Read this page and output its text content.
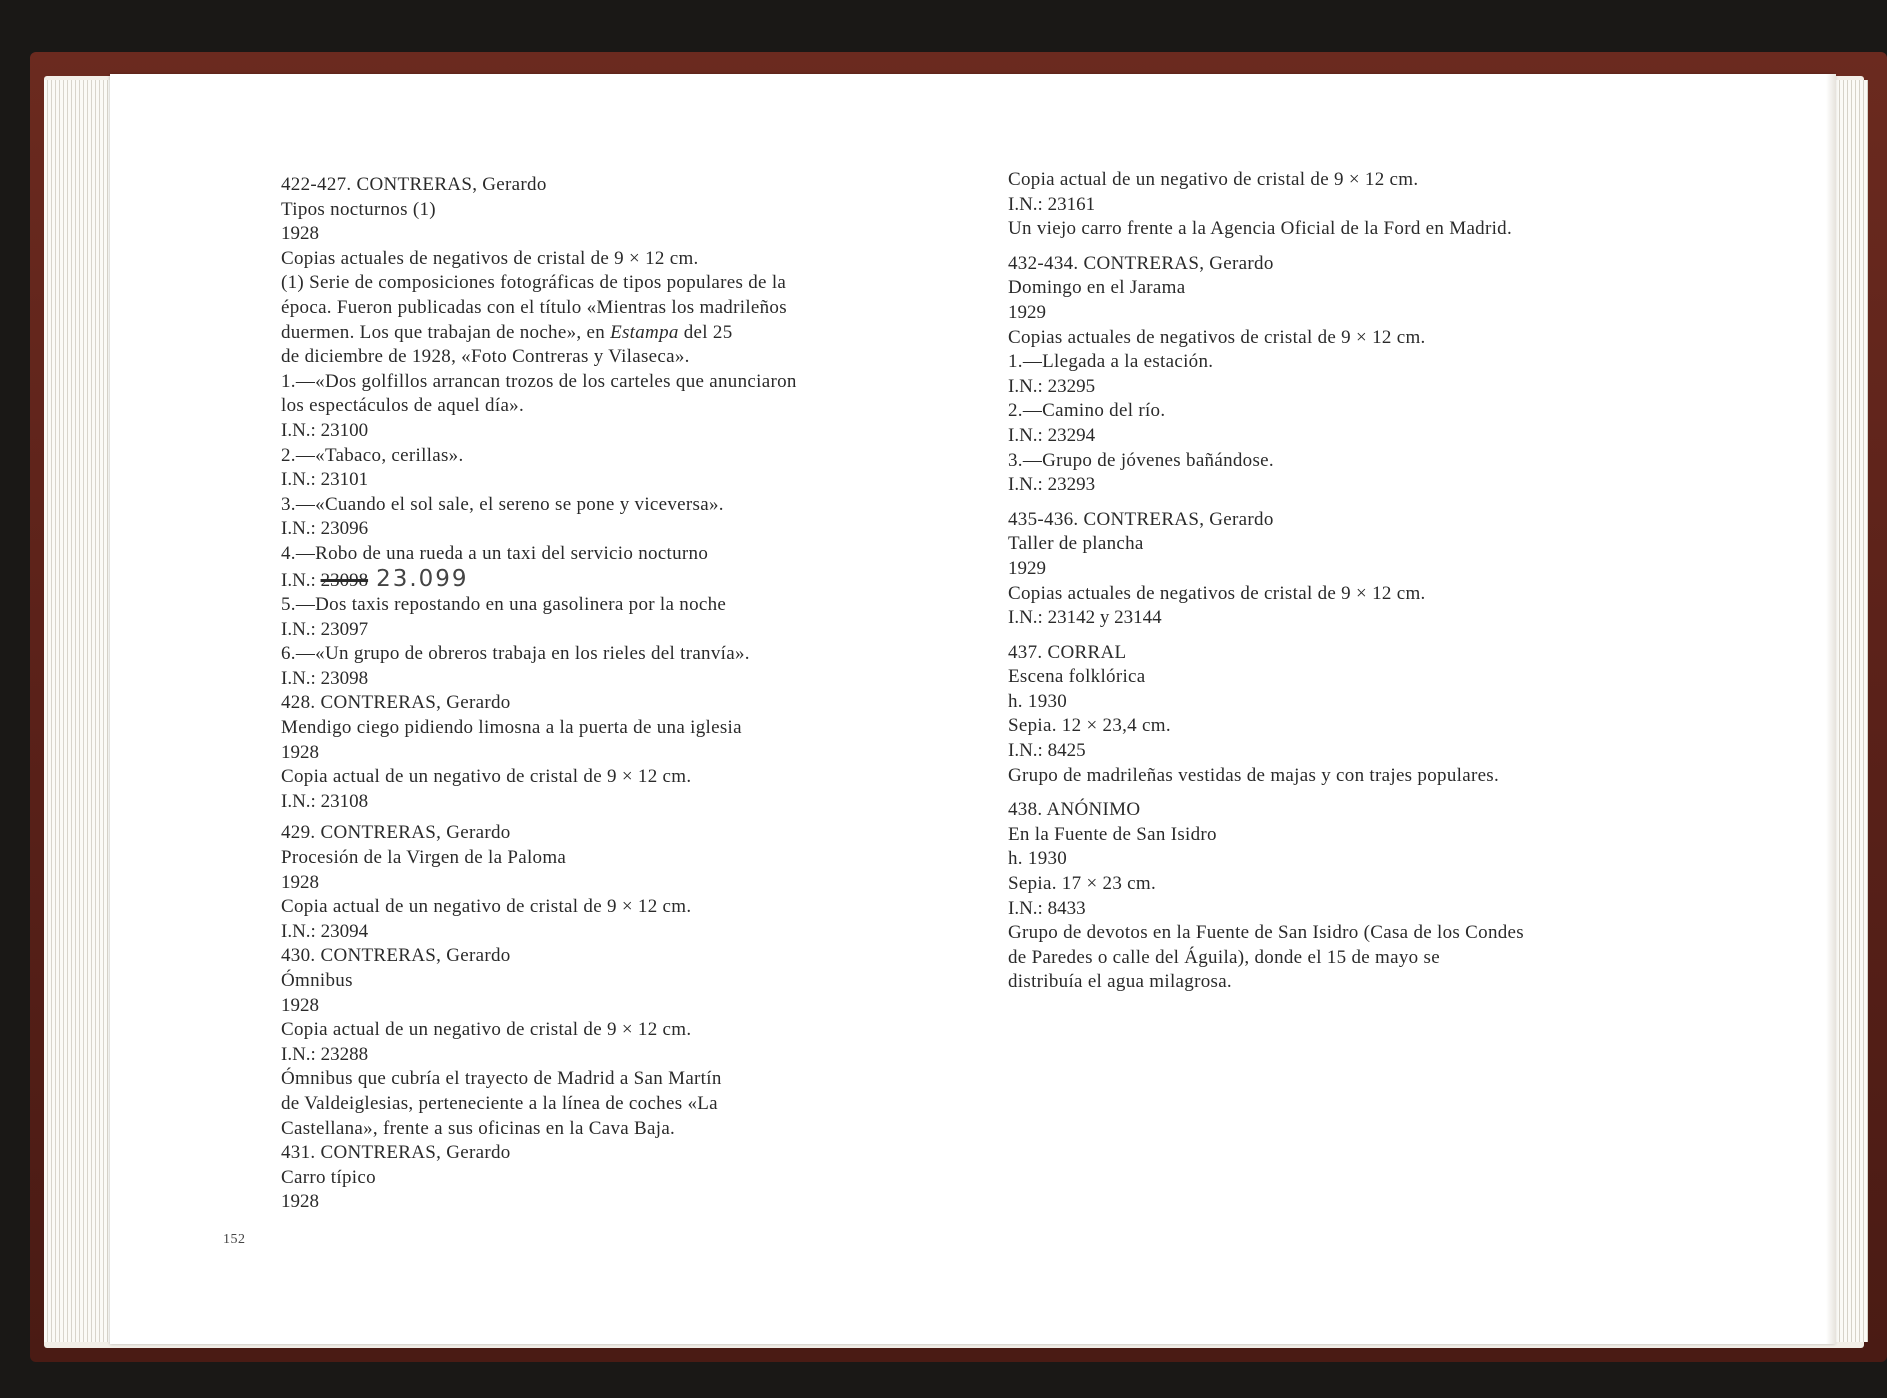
422-427. CONTRERAS, Gerardo
Tipos nocturnos (1)
1928
Copias actuales de negativos de cristal de 9 × 12 cm.
(1) Serie de composiciones fotográficas de tipos populares de la
época. Fueron publicadas con el título «Mientras los madrileños
duermen. Los que trabajan de noche», en Estampa del 25
de diciembre de 1928, «Foto Contreras y Vilaseca».
1.—«Dos golfillos arrancan trozos de los carteles que anunciaron
los espectáculos de aquel día».
I.N.: 23100
2.—«Tabaco, cerillas».
I.N.: 23101
3.—«Cuando el sol sale, el sereno se pone y viceversa».
I.N.: 23096
4.—Robo de una rueda a un taxi del servicio nocturno
I.N.: 23098 23.099
5.—Dos taxis repostando en una gasolinera por la noche
I.N.: 23097
6.—«Un grupo de obreros trabaja en los rieles del tranvía».
I.N.: 23098
428. CONTRERAS, Gerardo
Mendigo ciego pidiendo limosna a la puerta de una iglesia
1928
Copia actual de un negativo de cristal de 9 × 12 cm.
I.N.: 23108
429. CONTRERAS, Gerardo
Procesión de la Virgen de la Paloma
1928
Copia actual de un negativo de cristal de 9 × 12 cm.
I.N.: 23094
430. CONTRERAS, Gerardo
Ómnibus
1928
Copia actual de un negativo de cristal de 9 × 12 cm.
I.N.: 23288
Ómnibus que cubría el trayecto de Madrid a San Martín
de Valdeiglesias, perteneciente a la línea de coches «La
Castellana», frente a sus oficinas en la Cava Baja.
431. CONTRERAS, Gerardo
Carro típico
1928
152
Copia actual de un negativo de cristal de 9 × 12 cm.
I.N.: 23161
Un viejo carro frente a la Agencia Oficial de la Ford en Madrid.
432-434. CONTRERAS, Gerardo
Domingo en el Jarama
1929
Copias actuales de negativos de cristal de 9 × 12 cm.
1.—Llegada a la estación.
I.N.: 23295
2.—Camino del río.
I.N.: 23294
3.—Grupo de jóvenes bañándose.
I.N.: 23293
435-436. CONTRERAS, Gerardo
Taller de plancha
1929
Copias actuales de negativos de cristal de 9 × 12 cm.
I.N.: 23142 y 23144
437. CORRAL
Escena folklórica
h. 1930
Sepia. 12 × 23,4 cm.
I.N.: 8425
Grupo de madrileñas vestidas de majas y con trajes populares.
438. ANÓNIMO
En la Fuente de San Isidro
h. 1930
Sepia. 17 × 23 cm.
I.N.: 8433
Grupo de devotos en la Fuente de San Isidro (Casa de los Condes
de Paredes o calle del Águila), donde el 15 de mayo se
distribuía el agua milagrosa.
